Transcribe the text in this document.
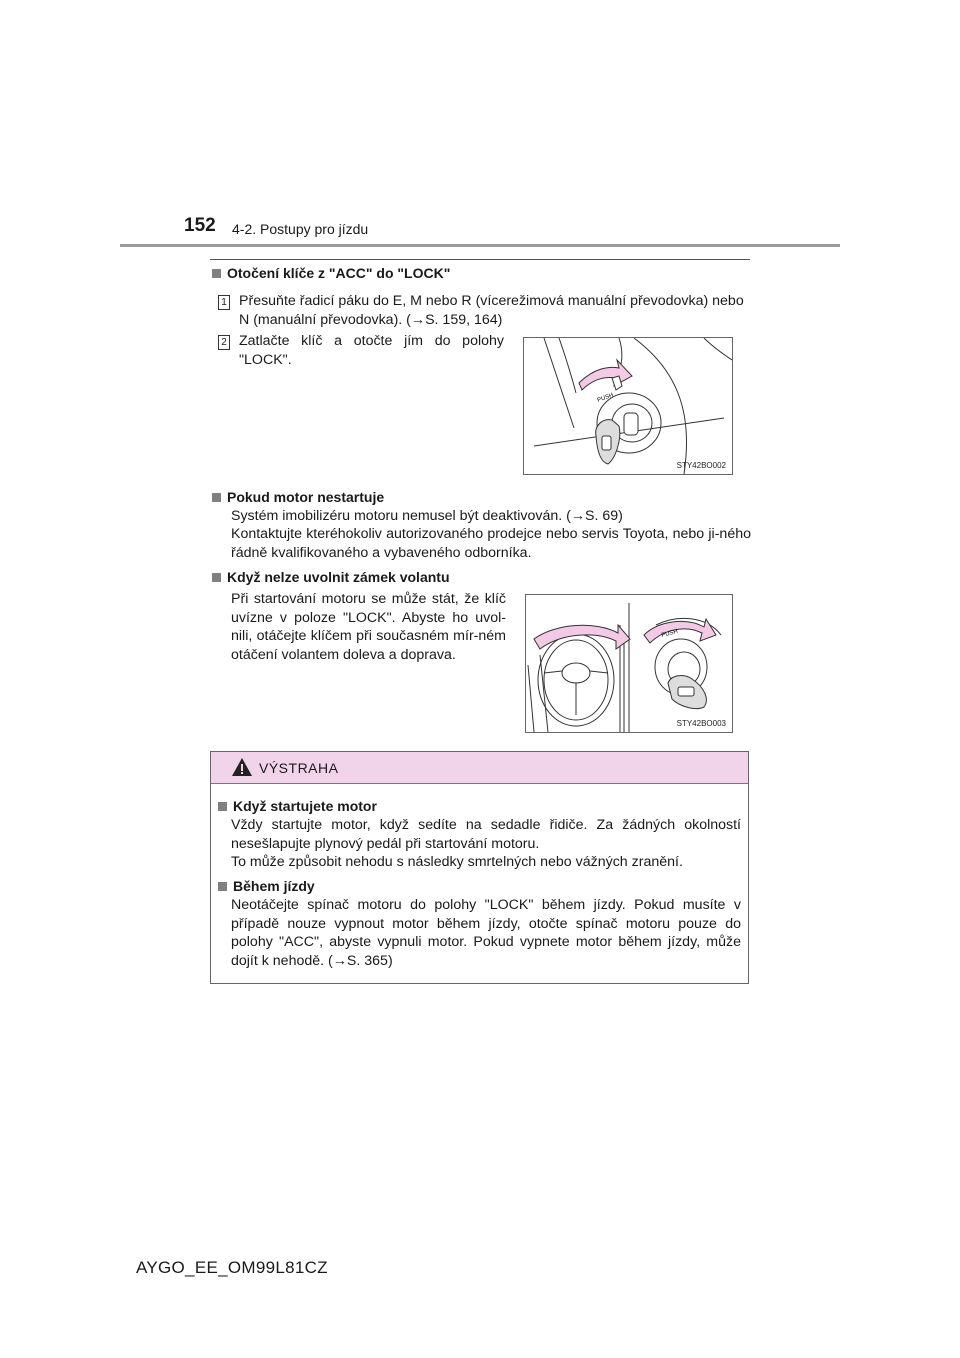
152 4-2. Postupy pro jízdu
Otočení klíče z "ACC" do "LOCK"
1 Přesuňte řadicí páku do E, M nebo R (vícerežimová manuální převodovka) nebo N (manuální převodovka). (→S. 159, 164)
2 Zatlačte klíč a otočte jím do polohy "LOCK".
PUSH
STY42BO002
Pokud motor nestartuje
Systém imobilizéru motoru nemusel být deaktivován. (→S. 69)
Kontaktujte kteréhokoliv autorizovaného prodejce nebo servis Toyota, nebo ji-ného řádně kvalifikovaného a vybaveného odborníka.
Když nelze uvolnit zámek volantu
Při startování motoru se může stát, že klíč uvízne v poloze "LOCK". Abyste ho uvol-nili, otáčejte klíčem při současném mír-ném otáčení volantem doleva a doprava.
PUSH
STY42BO003
VÝSTRAHA
Když startujete motor
Vždy startujte motor, když sedíte na sedadle řidiče. Za žádných okolností nesešlapujte plynový pedál při startování motoru.
To může způsobit nehodu s následky smrtelných nebo vážných zranění.
Během jízdy
Neotáčejte spínač motoru do polohy "LOCK" během jízdy. Pokud musíte v případě nouze vypnout motor během jízdy, otočte spínač motoru pouze do polohy "ACC", abyste vypnuli motor. Pokud vypnete motor během jízdy, může dojít k nehodě. (→S. 365)
AYGO_EE_OM99L81CZ
